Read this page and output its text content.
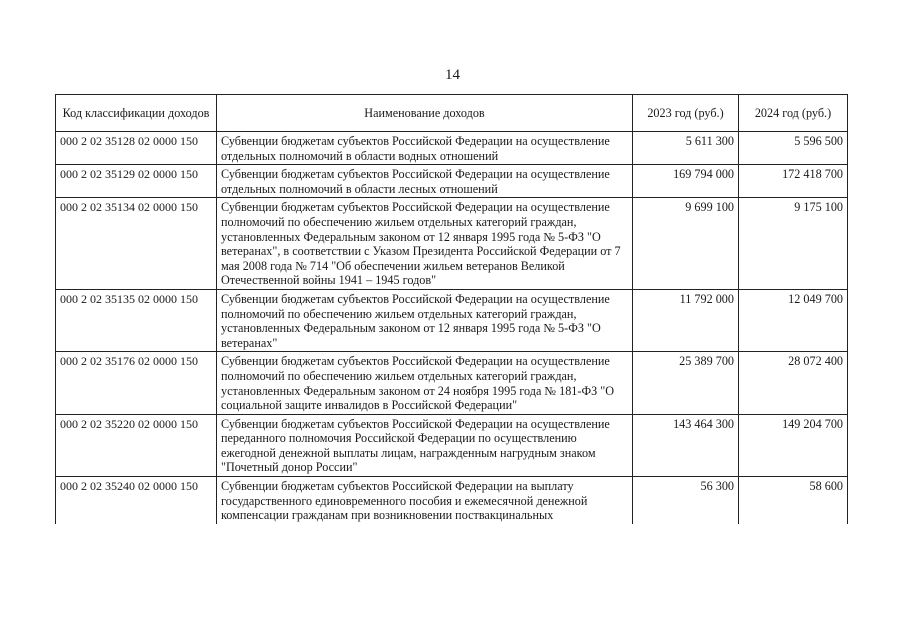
14
Код классификации доходов	Наименование доходов	2023 год (руб.)	2024 год (руб.)
000 2 02 35128 02 0000 150	Субвенции бюджетам субъектов Российской Федерации на осуществление отдельных полномочий в области водных отношений	5 611 300	5 596 500
000 2 02 35129 02 0000 150	Субвенции бюджетам субъектов Российской Федерации на осуществление отдельных полномочий в области лесных отношений	169 794 000	172 418 700
000 2 02 35134 02 0000 150	Субвенции бюджетам субъектов Российской Федерации на осуществление полномочий по обеспечению жильем отдельных категорий граждан, установленных Федеральным законом от 12 января 1995 года № 5-ФЗ "О ветеранах", в соответствии с Указом Президента Российской Федерации от 7 мая 2008 года № 714 "Об обеспечении жильем ветеранов Великой Отечественной войны 1941 – 1945 годов"	9 699 100	9 175 100
000 2 02 35135 02 0000 150	Субвенции бюджетам субъектов Российской Федерации на осуществление полномочий по обеспечению жильем отдельных категорий граждан, установленных Федеральным законом от 12 января 1995 года № 5-ФЗ "О ветеранах"	11 792 000	12 049 700
000 2 02 35176 02 0000 150	Субвенции бюджетам субъектов Российской Федерации на осуществление полномочий по обеспечению жильем отдельных категорий граждан, установленных Федеральным законом от 24 ноября 1995 года № 181-ФЗ "О социальной защите инвалидов в Российской Федерации"	25 389 700	28 072 400
000 2 02 35220 02 0000 150	Субвенции бюджетам субъектов Российской Федерации на осуществление переданного полномочия Российской Федерации по осуществлению ежегодной денежной выплаты лицам, награжденным нагрудным знаком "Почетный донор России"	143 464 300	149 204 700
000 2 02 35240 02 0000 150	Субвенции бюджетам субъектов Российской Федерации на выплату государственного единовременного пособия и ежемесячной денежной компенсации гражданам при возникновении поствакцинальных	56 300	58 600
